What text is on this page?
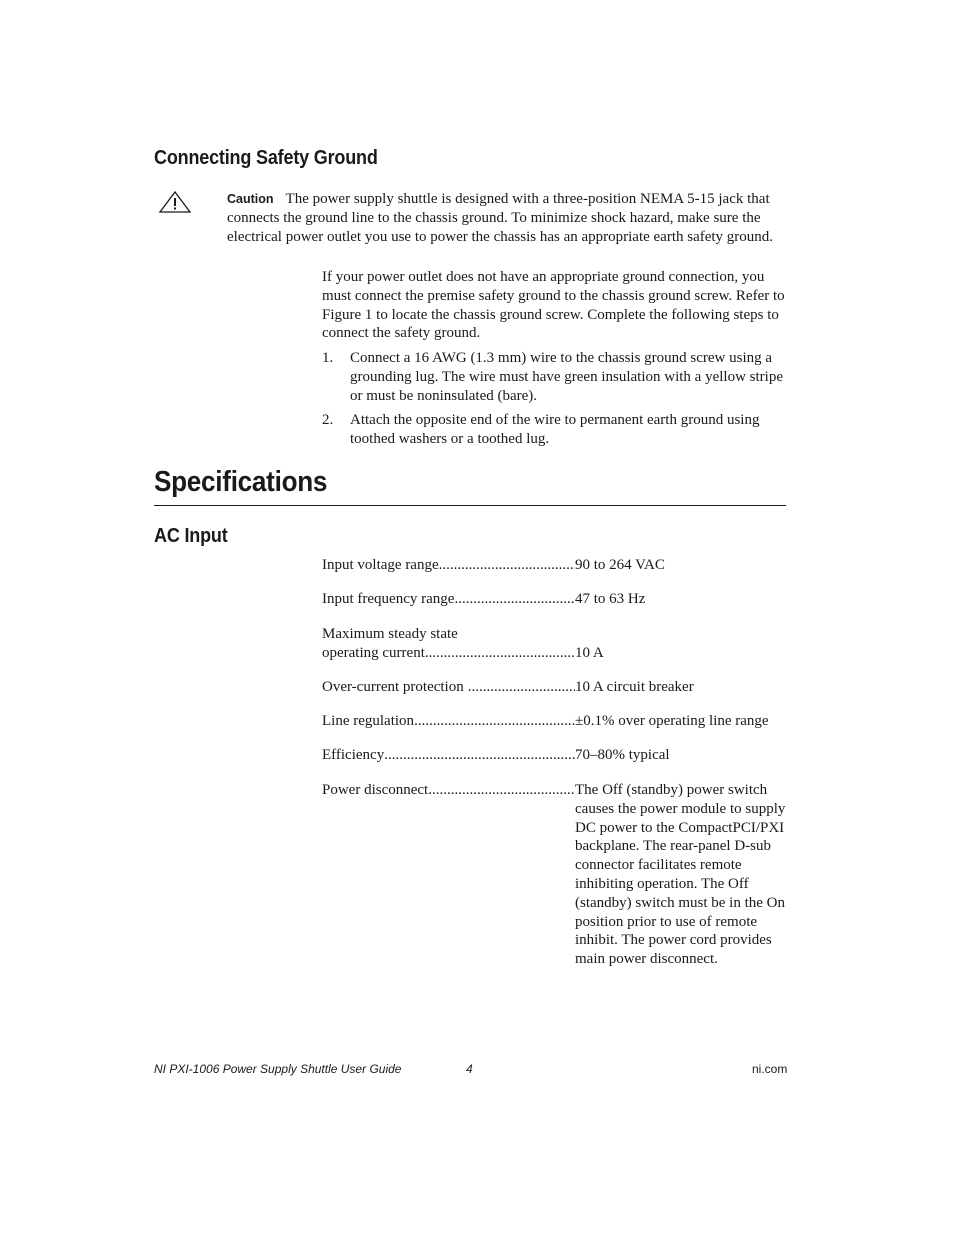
Connecting Safety Ground
Caution The power supply shuttle is designed with a three-position NEMA 5-15 jack that connects the ground line to the chassis ground. To minimize shock hazard, make sure the electrical power outlet you use to power the chassis has an appropriate earth safety ground.
If your power outlet does not have an appropriate ground connection, you must connect the premise safety ground to the chassis ground screw. Refer to Figure 1 to locate the chassis ground screw. Complete the following steps to connect the safety ground.
1. Connect a 16 AWG (1.3 mm) wire to the chassis ground screw using a grounding lug. The wire must have green insulation with a yellow stripe or must be noninsulated (bare).
2. Attach the opposite end of the wire to permanent earth ground using toothed washers or a toothed lug.
Specifications
AC Input
Input voltage range .....	90 to 264 VAC
Input frequency range .....	47 to 63 Hz
Maximum steady state
operating current .....	10 A
Over-current protection .....	10 A circuit breaker
Line regulation .....	±0.1% over operating line range
Efficiency .....	70–80% typical
Power disconnect .....	The Off (standby) power switch causes the power module to supply DC power to the CompactPCI/PXI backplane. The rear-panel D-sub connector facilitates remote inhibiting operation. The Off (standby) switch must be in the On position prior to use of remote inhibit. The power cord provides main power disconnect.
NI PXI-1006 Power Supply Shuttle User Guide	4	ni.com
